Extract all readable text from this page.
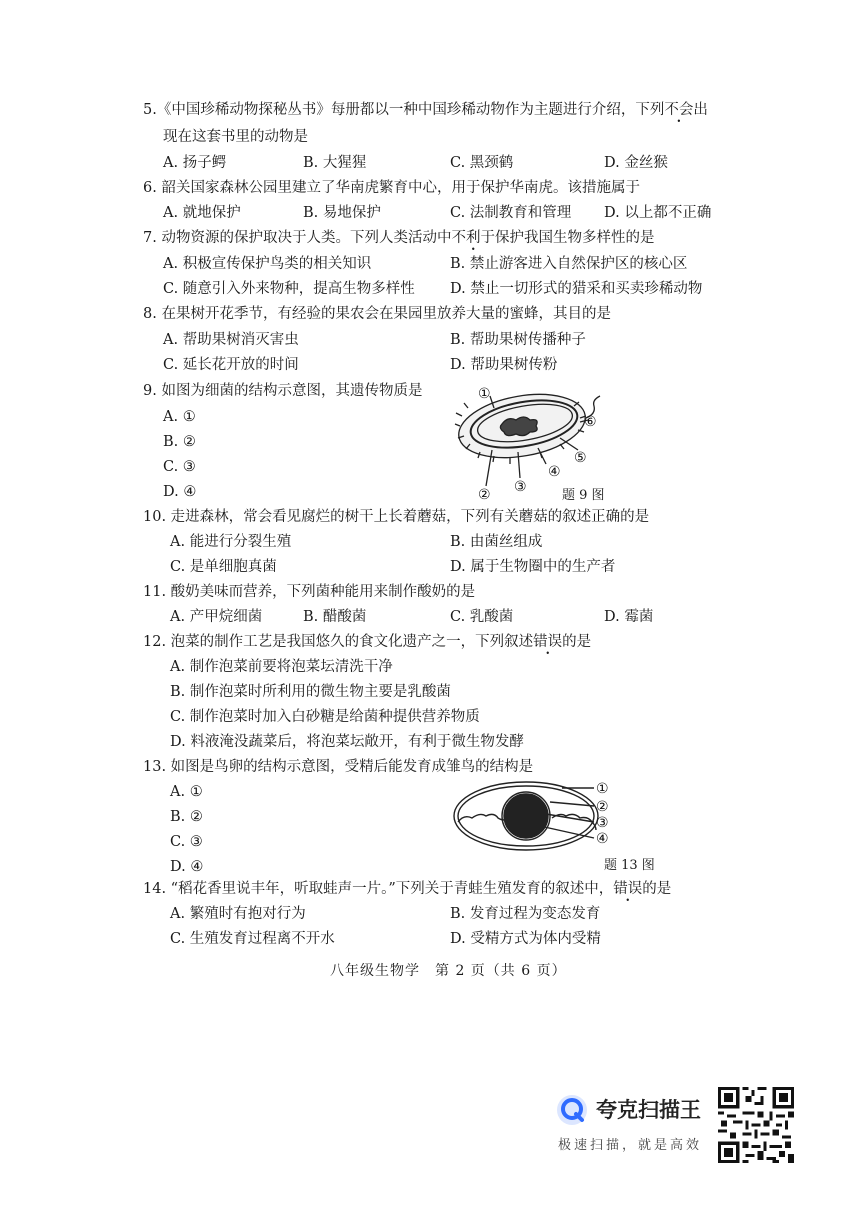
5.《中国珍稀动物探秘丛书》每册都以一种中国珍稀动物作为主题进行介绍，下列不会出
现在这套书里的动物是
A. 扬子鳄	B. 大猩猩	C. 黑颈鹤	D. 金丝猴
6. 韶关国家森林公园里建立了华南虎繁育中心，用于保护华南虎。该措施属于
A. 就地保护	B. 易地保护	C. 法制教育和管理 D. 以上都不正确
7. 动物资源的保护取决于人类。下列人类活动中不利于保护我国生物多样性的是
A. 积极宣传保护鸟类的相关知识	B. 禁止游客进入自然保护区的核心区
C. 随意引入外来物种，提高生物多样性 D. 禁止一切形式的猎采和买卖珍稀动物
8. 在果树开花季节，有经验的果农会在果园里放养大量的蜜蜂，其目的是
A. 帮助果树消灭害虫	B. 帮助果树传播种子
C. 延长花开放的时间	D. 帮助果树传粉
9. 如图为细菌的结构示意图，其遗传物质是
A. ①
B. ②
C. ③
D. ④
①
② ③
④
⑤
⑥
题 9 图
10. 走进森林，常会看见腐烂的树干上长着蘑菇，下列有关蘑菇的叙述正确的是
A. 能进行分裂生殖	B. 由菌丝组成
C. 是单细胞真菌	D. 属于生物圈中的生产者
11. 酸奶美味而营养，下列菌种能用来制作酸奶的是
A. 产甲烷细菌	B. 醋酸菌	C. 乳酸菌	D. 霉菌
12. 泡菜的制作工艺是我国悠久的食文化遗产之一，下列叙述错误的是
A. 制作泡菜前要将泡菜坛清洗干净
B. 制作泡菜时所利用的微生物主要是乳酸菌
C. 制作泡菜时加入白砂糖是给菌种提供营养物质
D. 料液淹没蔬菜后，将泡菜坛敞开，有利于微生物发酵
13. 如图是鸟卵的结构示意图，受精后能发育成雏鸟的结构是
A. ①
B. ②
C. ③
D. ④
①
②
③
④
题 13 图
14. “稻花香里说丰年，听取蛙声一片。”下列关于青蛙生殖发育的叙述中，错误的是
A. 繁殖时有抱对行为	B. 发育过程为变态发育
C. 生殖发育过程离不开水	D. 受精方式为体内受精
八年级生物学　第 2 页（共 6 页）
夸克扫描王
极速扫描，就是高效
